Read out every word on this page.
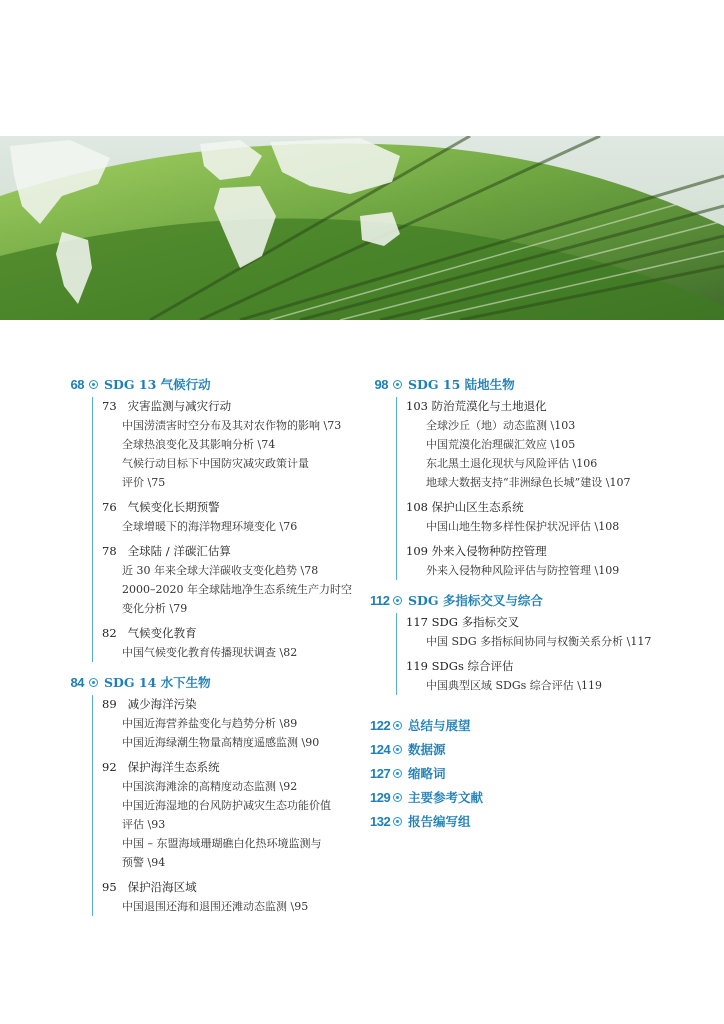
68 SDG 13 气候行动
73 灾害监测与减灾行动
中国涝渍害时空分布及其对农作物的影响 \73
全球热浪变化及其影响分析 \74
气候行动目标下中国防灾减灾政策计量
评价 \75
76 气候变化长期预警
全球增暖下的海洋物理环境变化 \76
78 全球陆 / 洋碳汇估算
近 30 年来全球大洋碳收支变化趋势 \78
2000–2020 年全球陆地净生态系统生产力时空
变化分析 \79
82 气候变化教育
中国气候变化教育传播现状调查 \82
84 SDG 14 水下生物
89 减少海洋污染
中国近海营养盐变化与趋势分析 \89
中国近海绿潮生物量高精度遥感监测 \90
92 保护海洋生态系统
中国滨海滩涂的高精度动态监测 \92
中国近海湿地的台风防护减灾生态功能价值
评估 \93
中国 – 东盟海域珊瑚礁白化热环境监测与
预警 \94
95 保护沿海区域
中国退围还海和退围还滩动态监测 \95
98 SDG 15 陆地生物
103 防治荒漠化与土地退化
全球沙丘（地）动态监测 \103
中国荒漠化治理碳汇效应 \105
东北黑土退化现状与风险评估 \106
地球大数据支持“非洲绿色长城”建设 \107
108 保护山区生态系统
中国山地生物多样性保护状况评估 \108
109 外来入侵物种防控管理
外来入侵物种风险评估与防控管理 \109
112 SDG 多指标交叉与综合
117 SDG 多指标交叉
中国 SDG 多指标间协同与权衡关系分析 \117
119 SDGs 综合评估
中国典型区域 SDGs 综合评估 \119
122 总结与展望
124 数据源
127 缩略词
129 主要参考文献
132 报告编写组
